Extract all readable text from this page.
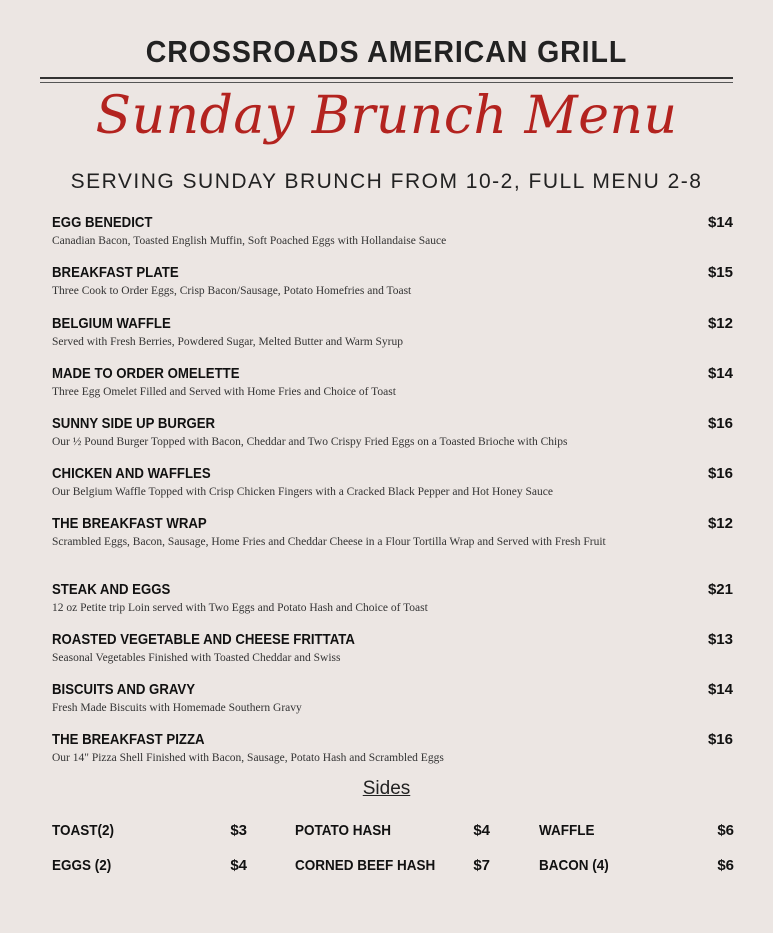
CROSSROADS AMERICAN GRILL
Sunday Brunch Menu
SERVING SUNDAY BRUNCH FROM 10-2, FULL MENU 2-8
EGG BENEDICT	$14
Canadian Bacon, Toasted English Muffin, Soft Poached Eggs with Hollandaise Sauce
BREAKFAST PLATE	$15
Three Cook to Order Eggs, Crisp Bacon/Sausage, Potato Homefries and Toast
BELGIUM WAFFLE	$12
Served with Fresh Berries, Powdered Sugar, Melted Butter and Warm Syrup
MADE TO ORDER OMELETTE	$14
Three Egg Omelet Filled and Served with Home Fries and Choice of Toast
SUNNY SIDE UP BURGER	$16
Our ½ Pound Burger Topped with Bacon, Cheddar and Two Crispy Fried Eggs on a Toasted Brioche with Chips
CHICKEN AND WAFFLES	$16
Our Belgium Waffle Topped with Crisp Chicken Fingers with a Cracked Black Pepper and Hot Honey Sauce
THE BREAKFAST WRAP	$12
Scrambled Eggs, Bacon, Sausage, Home Fries and Cheddar Cheese in a Flour Tortilla Wrap and Served with Fresh Fruit
STEAK AND EGGS	$21
12 oz Petite trip Loin served with Two Eggs and Potato Hash and Choice of Toast
ROASTED VEGETABLE AND CHEESE FRITTATA	$13
Seasonal Vegetables Finished with Toasted Cheddar and Swiss
BISCUITS AND GRAVY	$14
Fresh Made Biscuits with Homemade Southern Gravy
THE BREAKFAST PIZZA	$16
Our 14" Pizza Shell Finished with Bacon, Sausage, Potato Hash and Scrambled Eggs
Sides
TOAST(2)	$3	POTATO HASH	$4	WAFFLE	$6
EGGS (2)	$4	CORNED BEEF HASH	$7	BACON (4)	$6
